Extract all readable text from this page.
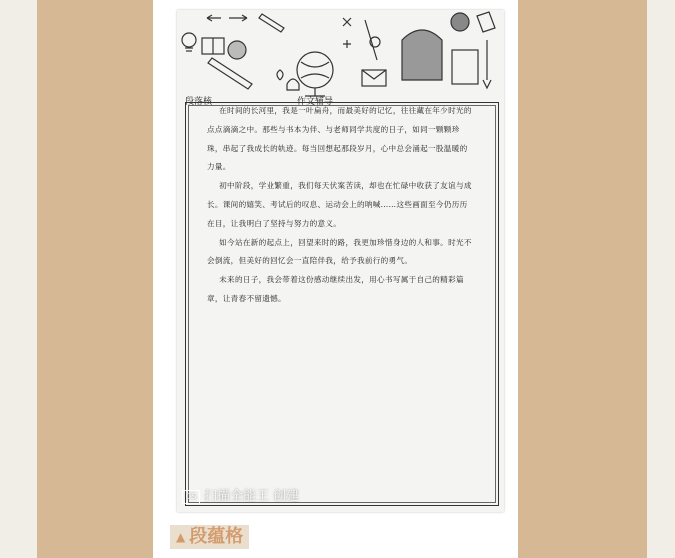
段落核	作文辅导

在时间的长河里，我是一叶扁舟，而最美好的记忆，往往藏在年少时光的点点滴滴之中。那些与书本为伴、与老师同学共度的日子，如同一颗颗珍珠，串起了我成长的轨迹。每当回想起那段岁月，心中总会涌起一股温暖的力量。

初中阶段，学业繁重，我们每天伏案苦读，却也在忙碌中收获了友谊与成长。课间的嬉笑、考试后的叹息、运动会上的呐喊……这些画面至今仍历历在目，让我明白了坚持与努力的意义。

如今站在新的起点上，回望来时的路，我更加珍惜身边的人和事。时光不会倒流，但美好的回忆会一直陪伴我，给予我前行的勇气。

未来的日子，我会带着这份感动继续出发，用心书写属于自己的精彩篇章，让青春不留遗憾。

CS 扫描全能王 创建
▲ 段蕴格
